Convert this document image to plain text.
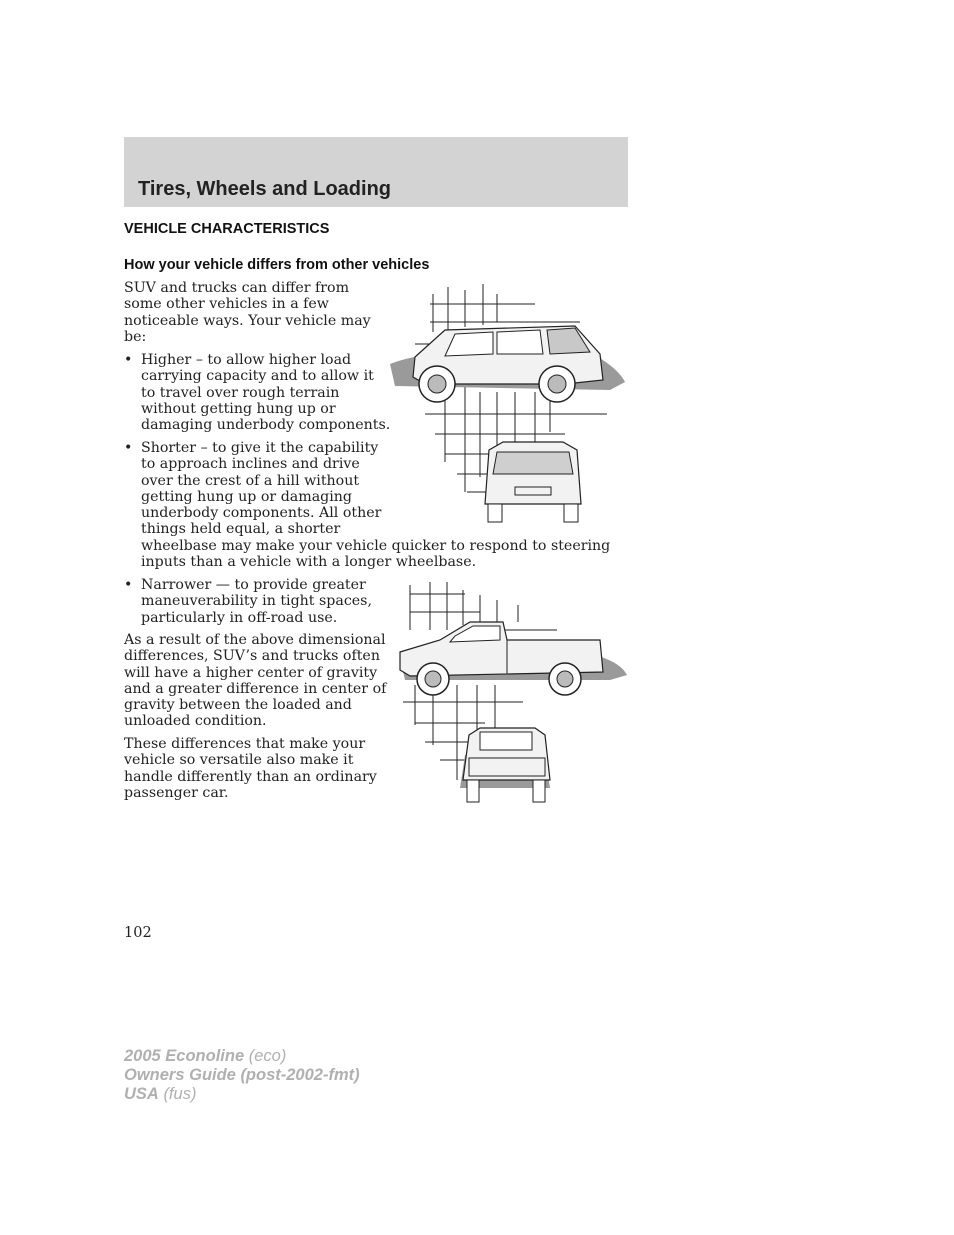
Tires, Wheels and Loading
VEHICLE CHARACTERISTICS
How your vehicle differs from other vehicles
SUV and trucks can differ from
some other vehicles in a few
noticeable ways. Your vehicle may
be:
• Higher – to allow higher load
carrying capacity and to allow it
to travel over rough terrain
without getting hung up or
damaging underbody components.
• Shorter – to give it the capability
to approach inclines and drive
over the crest of a hill without
getting hung up or damaging
underbody components. All other
things held equal, a shorter
wheelbase may make your vehicle quicker to respond to steering
inputs than a vehicle with a longer wheelbase.
• Narrower — to provide greater
maneuverability in tight spaces,
particularly in off-road use.
As a result of the above dimensional
differences, SUV’s and trucks often
will have a higher center of gravity
and a greater difference in center of
gravity between the loaded and
unloaded condition.
These differences that make your
vehicle so versatile also make it
handle differently than an ordinary
passenger car.
102
2005 Econoline (eco)
Owners Guide (post-2002-fmt)
USA (fus)
